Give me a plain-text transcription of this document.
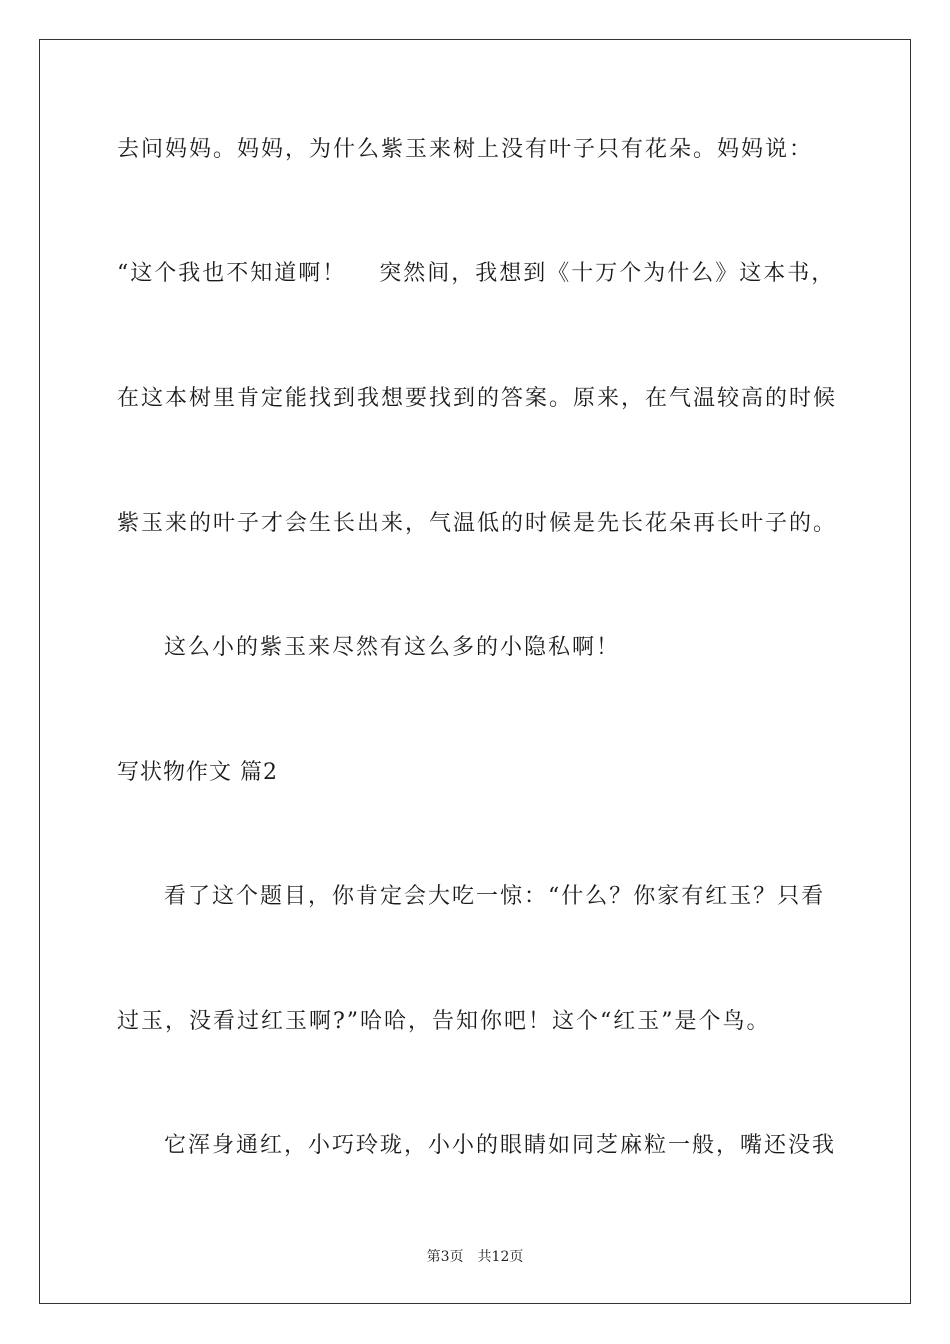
去问妈妈。妈妈，为什么紫玉来树上没有叶子只有花朵。妈妈说：
“这个我也不知道啊！　 突然间，我想到《十万个为什么》这本书，
在这本树里肯定能找到我想要找到的答案。原来，在气温较高的时候
紫玉来的叶子才会生长出来，气温低的时候是先长花朵再长叶子的。
这么小的紫玉来尽然有这么多的小隐私啊！
写状物作文 篇2
看了这个题目，你肯定会大吃一惊：“什么？你家有红玉？只看
过玉，没看过红玉啊?”哈哈，告知你吧！这个“红玉”是个鸟。
它浑身通红，小巧玲珑，小小的眼睛如同芝麻粒一般，嘴还没我
第3页　共12页
